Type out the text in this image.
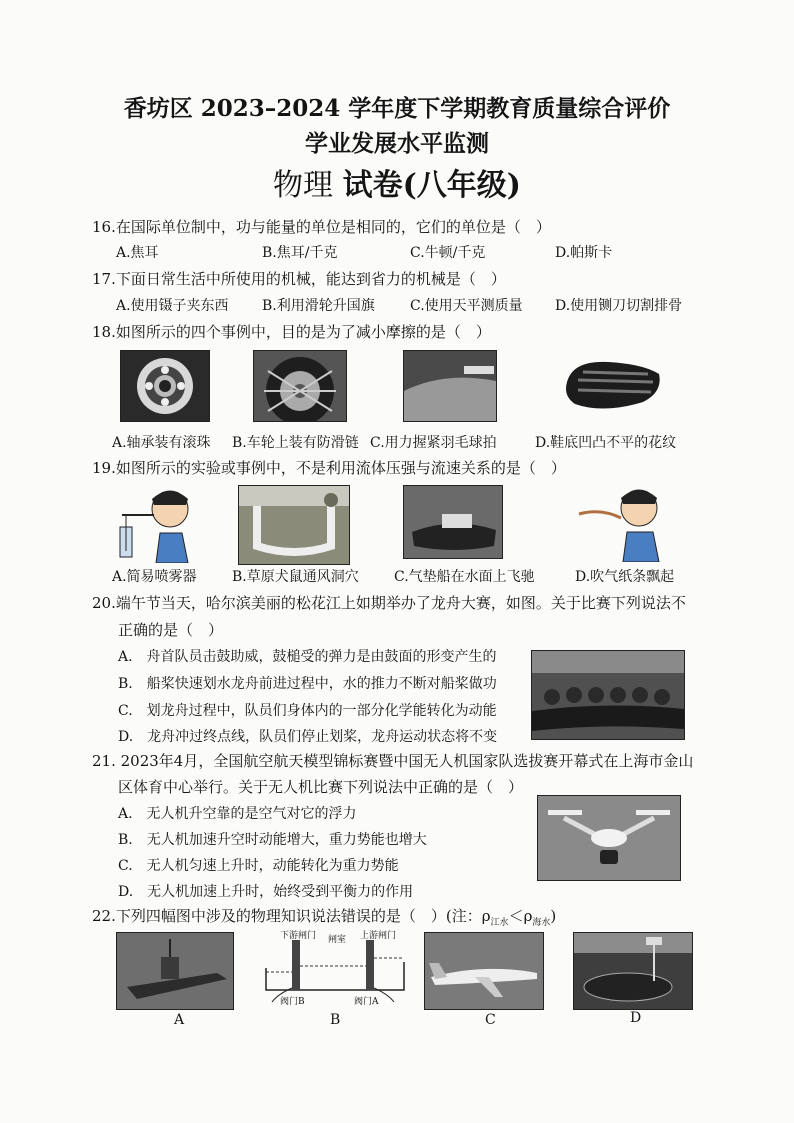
香坊区 2023–2024 学年度下学期教育质量综合评价
学业发展水平监测
物理 试卷(八年级)
16.在国际单位制中，功与能量的单位是相同的，它们的单位是（　）
A.焦耳	B.焦耳/千克	C.牛顿/千克	D.帕斯卡
17.下面日常生活中所使用的机械，能达到省力的机械是（　）
A.使用镊子夹东西 B.利用滑轮升国旗	C.使用天平测质量 D.使用铡刀切割排骨
18.如图所示的四个事例中，目的是为了减小摩擦的是（　）
A.轴承装有滚珠 B.车轮上装有防滑链 C.用力握紧羽毛球拍	D.鞋底凹凸不平的花纹
19.如图所示的实验或事例中，不是利用流体压强与流速关系的是（　）
A.简易喷雾器	B.草原犬鼠通风洞穴	C.气垫船在水面上飞驰	D.吹气纸条飘起
20.端午节当天，哈尔滨美丽的松花江上如期举办了龙舟大赛，如图。关于比赛下列说法不
正确的是（　）
A.　舟首队员击鼓助威，鼓槌受的弹力是由鼓面的形变产生的
B.　船桨快速划水龙舟前进过程中，水的推力不断对船桨做功
C.　划龙舟过程中，队员们身体内的一部分化学能转化为动能
D.　龙舟冲过终点线，队员们停止划桨，龙舟运动状态将不变
21. 2023年4月，全国航空航天模型锦标赛暨中国无人机国家队选拔赛开幕式在上海市金山
区体育中心举行。关于无人机比赛下列说法中正确的是（　）
A.　无人机升空靠的是空气对它的浮力
B.　无人机加速升空时动能增大，重力势能也增大
C.　无人机匀速上升时，动能转化为重力势能
D.　无人机加速上升时，始终受到平衡力的作用
22.下列四幅图中涉及的物理知识说法错误的是（　）(注：$\rho_{江水}<\rho_{海水}$)
下游闸门 闸室 上游闸门
阀门B	阀门A
A	B	C	D
